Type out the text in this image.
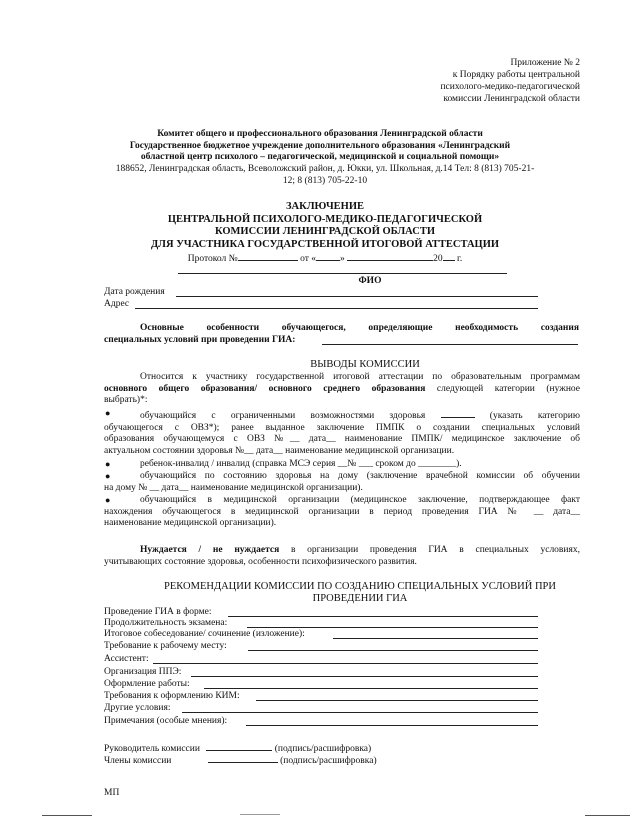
Приложение № 2
к Порядку работы центральной
психолого-медико-педагогической
комиссии Ленинградской области
Комитет общего и профессионального образования Ленинградской области
Государственное бюджетное учреждение дополнительного образования «Ленинградский
областной центр психолого – педагогической, медицинской и социальной помощи»
188652, Ленинградская область, Всеволожский район, д. Юкки, ул. Школьная, д.14 Тел: 8 (813) 705-21-
12; 8 (813) 705-22-10
ЗАКЛЮЧЕНИЕ
ЦЕНТРАЛЬНОЙ ПСИХОЛОГО-МЕДИКО-ПЕДАГОГИЧЕСКОЙ
КОМИССИИ ЛЕНИНГРАДСКОЙ ОБЛАСТИ
ДЛЯ УЧАСТНИКА ГОСУДАРСТВЕННОЙ ИТОГОВОЙ АТТЕСТАЦИИ
Протокол №	от «	»	20 г.
ФИО
Дата рождения
Адрес
Основные особенности обучающегося, определяющие необходимость создания
специальных условий при проведении ГИА:
ВЫВОДЫ КОМИССИИ
Относится к участнику государственной итоговой аттестации по образовательным программам
основного общего образования/ основного среднего образования следующей категории (нужное
выбрать)*:
●	обучающийся с ограниченными возможностями здоровья	(указать категорию
обучающегося с ОВЗ*); ранее выданное заключение ПМПК о создании специальных условий
образования обучающемуся с ОВЗ №__ дата__ наименование ПМПК/ медицинское заключение об
актуальном состоянии здоровья №__ дата__ наименование медицинской организации.
●	ребенок-инвалид / инвалид (справка МСЭ серия __№ ___ сроком до ________).
●	обучающийся по состоянию здоровья на дому (заключение врачебной комиссии об обучении
на дому № __ дата__ наименование медицинской организации).
●	обучающийся в медицинской организации (медицинское заключение, подтверждающее факт
нахождения обучающегося в медицинской организации в период проведения ГИА № __ дата__
наименование медицинской организации).
Нуждается / не нуждается в организации проведения ГИА в специальных условиях,
учитывающих состояние здоровья, особенности психофизического развития.
РЕКОМЕНДАЦИИ КОМИССИИ ПО СОЗДАНИЮ СПЕЦИАЛЬНЫХ УСЛОВИЙ ПРИ
ПРОВЕДЕНИИ ГИА
Проведение ГИА в форме:
Продолжительность экзамена:
Итоговое собеседование/ сочинение (изложение):
Требование к рабочему месту:
Ассистент:
Организация ППЭ:
Оформление работы:
Требования к оформлению КИМ:
Другие условия:
Примечания (особые мнения):
Руководитель комиссии	(подпись/расшифровка)
Члены комиссии	(подпись/расшифровка)
МП
